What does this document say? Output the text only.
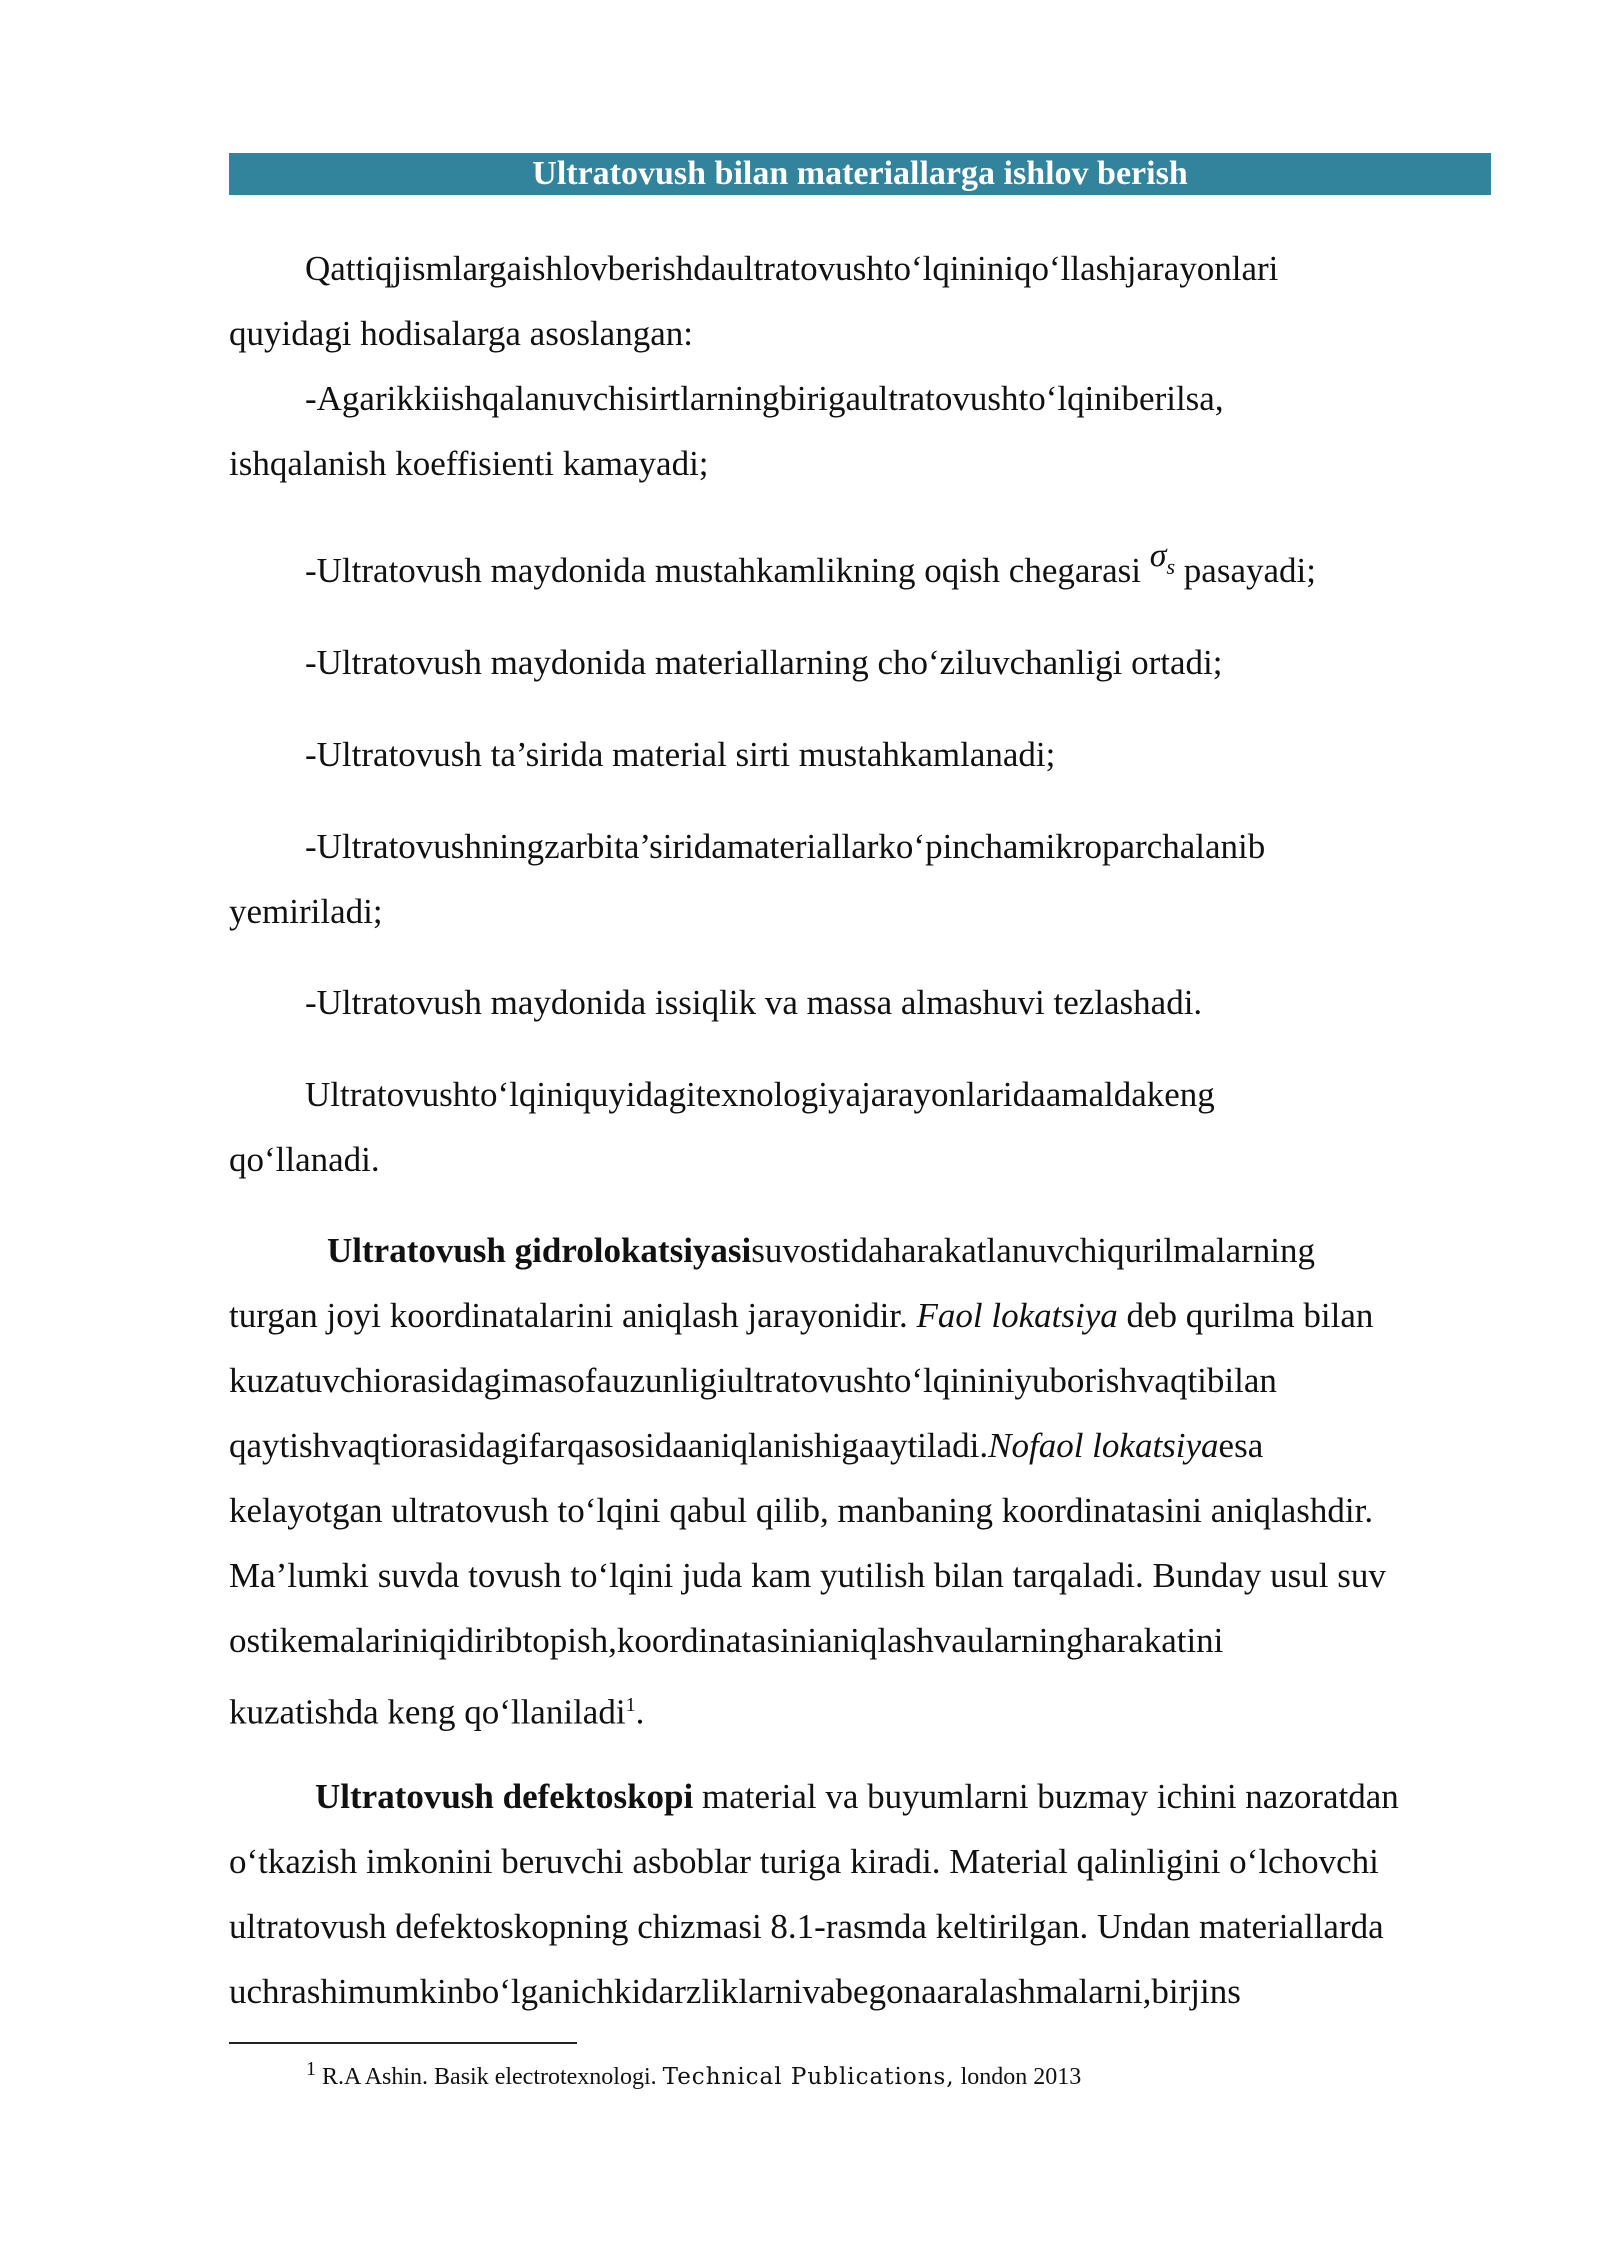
Ultratovush bilan materiallarga ishlov berish
Qattiqjismlargaishlovberishdaultratovushto‘lqininiqo‘llashjarayonlari
quyidagi hodisalarga asoslangan:
-Agarikkiishqalanuvchisirtlarningbirigaultratovushto‘lqiniberilsa,
ishqalanish koeffisienti kamayadi;
-Ultratovush maydonida mustahkamlikning oqish chegarasi $\sigma^s$ pasayadi;
-Ultratovush maydonida materiallarning cho‘ziluvchanligi ortadi;
-Ultratovush ta’sirida material sirti mustahkamlanadi;
-Ultratovushningzarbita’siridamateriallarko‘pinchamikroparchalanib
yemiriladi;
-Ultratovush maydonida issiqlik va massa almashuvi tezlashadi.
Ultratovushto‘lqiniquyidagitexnologiyajarayonlaridaamaldakeng
qo‘llanadi.
Ultratovush gidrolokatsiyasisuvostidaharakatlanuvchiqurilmalarning
turgan joyi koordinatalarini aniqlash jarayonidir. Faol lokatsiya deb qurilma bilan
kuzatuvchiorasidagimasofauzunligiultratovushto‘lqininiyuborishvaqtibilan
qaytishvaqtiorasidagifarqasosidaaniqlanishigaaytiladi.Nofaol lokatsiyaesa
kelayotgan ultratovush to‘lqini qabul qilib, manbaning koordinatasini aniqlashdir.
Ma’lumki suvda tovush to‘lqini juda kam yutilish bilan tarqaladi. Bunday usul suv
ostikemalariniqidiribtopish,koordinatasinianiqlashvaularningharakatini
kuzatishda keng qo‘llaniladi$^1$.
Ultratovush defektoskopi material va buyumlarni buzmay ichini nazoratdan
o‘tkazish imkonini beruvchi asboblar turiga kiradi. Material qalinligini o‘lchovchi
ultratovush defektoskopning chizmasi 8.1-rasmda keltirilgan. Undan materiallarda
uchrashimumkinbo‘lganichkidarzliklarnivabegonaaralashmalarni,birjins
$^1$ R.A Ashin. Basik electrotexnologi. Technical Publications, london 2013
